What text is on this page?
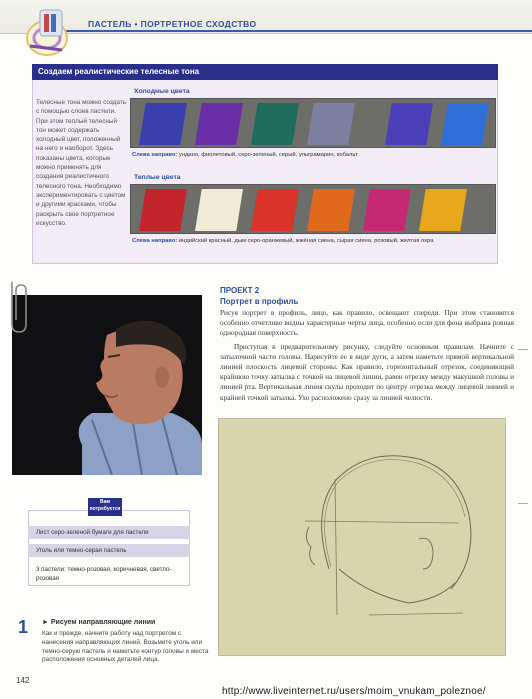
ПАСТЕЛЬ • ПОРТРЕТНОЕ СХОДСТВО
Создаем реалистические телесные тона
Телесные тона можно создать с помощью слоев пастели. При этом теплый телесный тон может содержать холодный цвет, положенный на него и наоборот. Здесь показаны цвета, которые можно применять для создания реалистичного телесного тона. Необходимо экспериментировать с цветом и другими красками, чтобы раскрыть свое портретное искусство.
Холодные цвета
Слева направо: ундино, фиолетовый, серо-зеленый, серый, ультрамарин, кобальт
Теплые цвета
Слева направо: индийский красный, дым серо-оранжевый, жжёная сиена, сырая сиена, розовый, желтая охра
ПРОЕКТ 2
Портрет в профиль

Рисуя портрет в профиль, лицо, как правило, освещают спереди. При этом становятся особенно отчетливо видны характерные черты лица, особенно если для фона выбрана ровная однородная поверхность.

Приступая к предварительному рисунку, следуйте основным правилам. Начните с затылочной части головы. Нарисуйте ее в виде дуги, а затем наметьте прямой вертикальной линией плоскость лицевой стороны. Как правило, горизонтальный отрезок, соединяющий крайнюю точку затылка с точкой на лицевой линии, равен отрезку между макушкой головы и линией рта. Вертикальная линия скулы проходит по центру отрезка между лицевой линией и крайней точкой затылка. Ухо расположено сразу за линией челюсти.

Вам потребуется
Лист серо-зеленой бумаги для пастели
Уголь или темно-серая пастель
3 пастели: темно-розовая, коричневая, светло-розовая
1 ► Рисуем направляющие линии
Как и прежде, начните работу над портретом с нанесения направляющих линий. Возьмите уголь или темно-серую пастель и наметьте контур головы и места расположения основных деталей лица.
142
http://www.liveinternet.ru/users/moim_vnukam_poleznoe/
